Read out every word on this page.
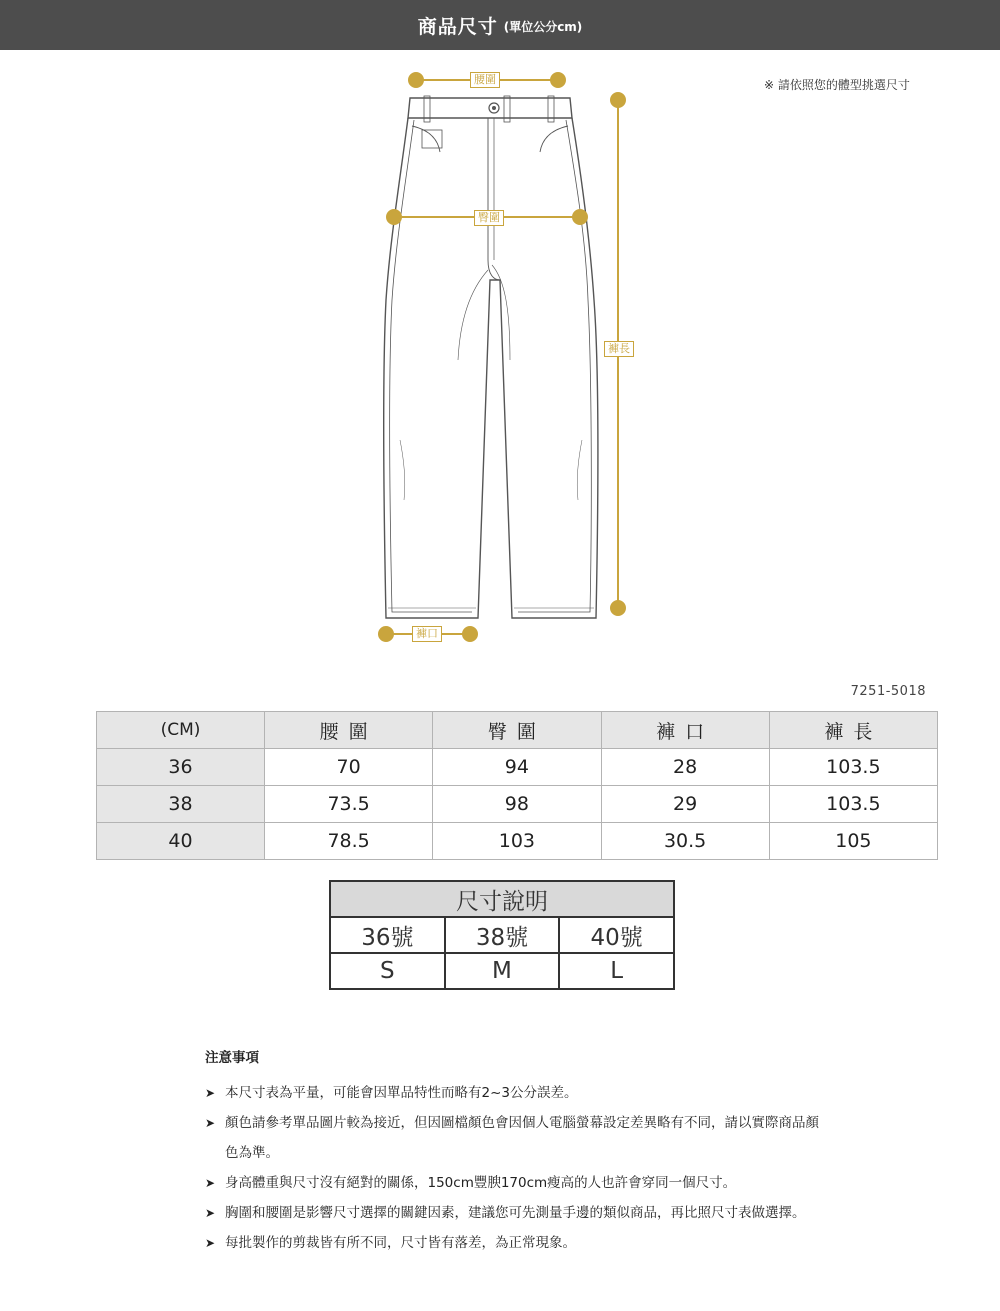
商品尺寸 (單位公分cm)
※ 請依照您的體型挑選尺寸
腰圍
臀圍
褲長
褲口
7251-5018
(CM)	腰圍	臀圍	褲口	褲長
36	70	94	28	103.5
38	73.5	98	29	103.5
40	78.5	103	30.5	105
尺寸說明		
36號	38號	40號
S	M	L
注意事項
➤ 本尺寸表為平量，可能會因單品特性而略有2~3公分誤差。
➤ 顏色請參考單品圖片較為接近，但因圖檔顏色會因個人電腦螢幕設定差異略有不同，請以實際商品顏色為準。
➤ 身高體重與尺寸沒有絕對的關係，150cm豐腴170cm瘦高的人也許會穿同一個尺寸。
➤ 胸圍和腰圍是影響尺寸選擇的關鍵因素，建議您可先測量手邊的類似商品，再比照尺寸表做選擇。
➤ 每批製作的剪裁皆有所不同，尺寸皆有落差，為正常現象。
